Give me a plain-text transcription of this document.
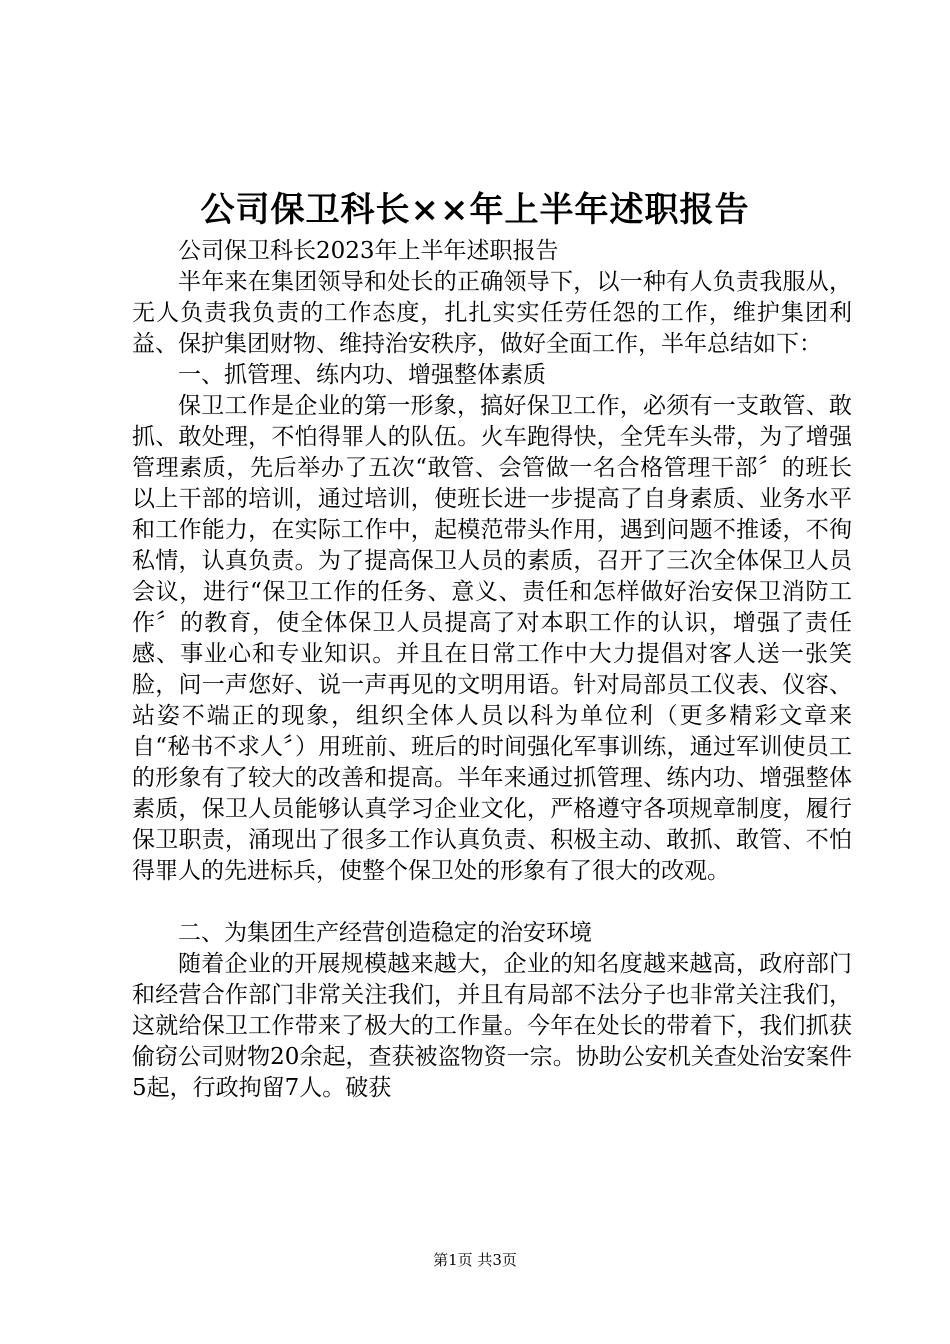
公司保卫科长××年上半年述职报告

公司保卫科长2023年上半年述职报告

半年来在集团领导和处长的正确领导下，以一种有人负责我服从，无人负责我负责的工作态度，扎扎实实任劳任怨的工作，维护集团利益、保护集团财物、维持治安秩序，做好全面工作，半年总结如下：

一、抓管理、练内功、增强整体素质

保卫工作是企业的第一形象，搞好保卫工作，必须有一支敢管、敢抓、敢处理，不怕得罪人的队伍。火车跑得快，全凭车头带，为了增强管理素质，先后举办了五次“敢管、会管做一名合格管理干部〞的班长以上干部的培训，通过培训，使班长进一步提高了自身素质、业务水平和工作能力，在实际工作中，起模范带头作用，遇到问题不推诿，不徇私情，认真负责。为了提高保卫人员的素质，召开了三次全体保卫人员会议，进行“保卫工作的任务、意义、责任和怎样做好治安保卫消防工作〞的教育，使全体保卫人员提高了对本职工作的认识，增强了责任感、事业心和专业知识。并且在日常工作中大力提倡对客人送一张笑脸，问一声您好、说一声再见的文明用语。针对局部员工仪表、仪容、站姿不端正的现象，组织全体人员以科为单位利（更多精彩文章来自“秘书不求人〞）用班前、班后的时间强化军事训练，通过军训使员工的形象有了较大的改善和提高。半年来通过抓管理、练内功、增强整体素质，保卫人员能够认真学习企业文化，严格遵守各项规章制度，履行保卫职责，涌现出了很多工作认真负责、积极主动、敢抓、敢管、不怕得罪人的先进标兵，使整个保卫处的形象有了很大的改观。

二、为集团生产经营创造稳定的治安环境

随着企业的开展规模越来越大，企业的知名度越来越高，政府部门和经营合作部门非常关注我们，并且有局部不法分子也非常关注我们，这就给保卫工作带来了极大的工作量。今年在处长的带着下，我们抓获偷窃公司财物20余起，查获被盗物资一宗。协助公安机关查处治安案件5起，行政拘留7人。破获

第1页 共3页
